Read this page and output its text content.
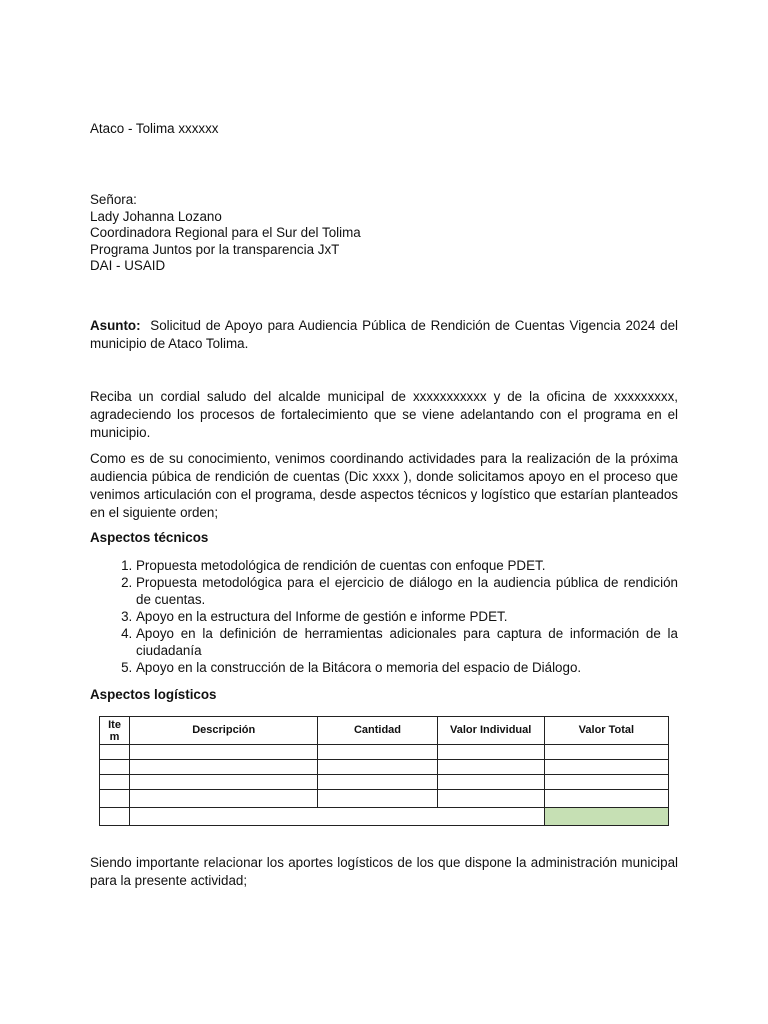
Ataco - Tolima xxxxxx
Señora:
Lady Johanna Lozano
Coordinadora Regional para el Sur del Tolima
Programa Juntos por la transparencia JxT
DAI - USAID
Asunto: Solicitud de Apoyo para Audiencia Pública de Rendición de Cuentas Vigencia 2024 del municipio de Ataco Tolima.
Reciba un cordial saludo del alcalde municipal de xxxxxxxxxxx y de la oficina de xxxxxxxxx, agradeciendo los procesos de fortalecimiento que se viene adelantando con el programa en el municipio.
Como es de su conocimiento, venimos coordinando actividades para la realización de la próxima audiencia púbica de rendición de cuentas (Dic xxxx ), donde solicitamos apoyo en el proceso que venimos articulación con el programa, desde aspectos técnicos y logístico que estarían planteados en el siguiente orden;
Aspectos técnicos
1. Propuesta metodológica de rendición de cuentas con enfoque PDET.
2. Propuesta metodológica para el ejercicio de diálogo en la audiencia pública de rendición de cuentas.
3. Apoyo en la estructura del Informe de gestión e informe PDET.
4. Apoyo en la definición de herramientas adicionales para captura de información de la ciudadanía
5. Apoyo en la construcción de la Bitácora o memoria del espacio de Diálogo.
Aspectos logísticos
Siendo importante relacionar los aportes logísticos de los que dispone la administración municipal para la presente actividad;
Ite m	Descripción	Cantidad	Valor Individual	Valor Total
